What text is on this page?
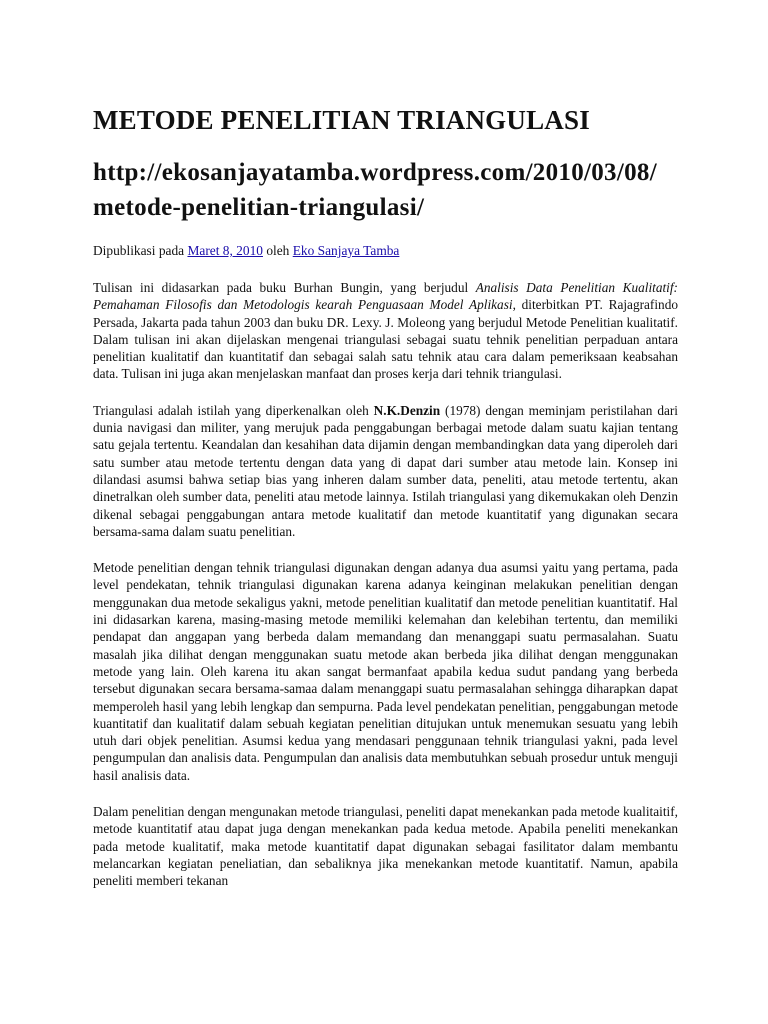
METODE PENELITIAN TRIANGULASI
http://ekosanjayatamba.wordpress.com/2010/03/08/metode-penelitian-triangulasi/
Dipublikasi pada Maret 8, 2010 oleh Eko Sanjaya Tamba

Tulisan ini didasarkan pada buku Burhan Bungin, yang berjudul Analisis Data Penelitian Kualitatif: Pemahaman Filosofis dan Metodologis kearah Penguasaan Model Aplikasi, diterbitkan PT. Rajagrafindo Persada, Jakarta pada tahun 2003 dan buku DR. Lexy. J. Moleong yang berjudul Metode Penelitian kualitatif. Dalam tulisan ini akan dijelaskan mengenai triangulasi sebagai suatu tehnik penelitian perpaduan antara penelitian kualitatif dan kuantitatif dan sebagai salah satu tehnik atau cara dalam pemeriksaan keabsahan data. Tulisan ini juga akan menjelaskan manfaat dan proses kerja dari tehnik triangulasi.

Triangulasi adalah istilah yang diperkenalkan oleh N.K.Denzin (1978) dengan meminjam peristilahan dari dunia navigasi dan militer, yang merujuk pada penggabungan berbagai metode dalam suatu kajian tentang satu gejala tertentu. Keandalan dan kesahihan data dijamin dengan membandingkan data yang diperoleh dari satu sumber atau metode tertentu dengan data yang di dapat dari sumber atau metode lain. Konsep ini dilandasi asumsi bahwa setiap bias yang inheren dalam sumber data, peneliti, atau metode tertentu, akan dinetralkan oleh sumber data, peneliti atau metode lainnya. Istilah triangulasi yang dikemukakan oleh Denzin dikenal sebagai penggabungan antara metode kualitatif dan metode kuantitatif yang digunakan secara bersama-sama dalam suatu penelitian.

Metode penelitian dengan tehnik triangulasi digunakan dengan adanya dua asumsi yaitu yang pertama, pada level pendekatan, tehnik triangulasi digunakan karena adanya keinginan melakukan penelitian dengan menggunakan dua metode sekaligus yakni, metode penelitian kualitatif dan metode penelitian kuantitatif. Hal ini didasarkan karena, masing-masing metode memiliki kelemahan dan kelebihan tertentu, dan memiliki pendapat dan anggapan yang berbeda dalam memandang dan menanggapi suatu permasalahan. Suatu masalah jika dilihat dengan menggunakan suatu metode akan berbeda jika dilihat dengan menggunakan metode yang lain. Oleh karena itu akan sangat bermanfaat apabila kedua sudut pandang yang berbeda tersebut digunakan secara bersama-samaa dalam menanggapi suatu permasalahan sehingga diharapkan dapat memperoleh hasil yang lebih lengkap dan sempurna. Pada level pendekatan penelitian, penggabungan metode kuantitatif dan kualitatif dalam sebuah kegiatan penelitian ditujukan untuk menemukan sesuatu yang lebih utuh dari objek penelitian. Asumsi kedua yang mendasari penggunaan tehnik triangulasi yakni, pada level pengumpulan dan analisis data. Pengumpulan dan analisis data membutuhkan sebuah prosedur untuk menguji hasil analisis data.

Dalam penelitian dengan mengunakan metode triangulasi, peneliti dapat menekankan pada metode kualitaitif, metode kuantitatif atau dapat juga dengan menekankan pada kedua metode. Apabila peneliti menekankan pada metode kualitatif, maka metode kuantitatif dapat digunakan sebagai fasilitator dalam membantu melancarkan kegiatan peneliatian, dan sebaliknya jika menekankan metode kuantitatif. Namun, apabila peneliti memberi tekanan
